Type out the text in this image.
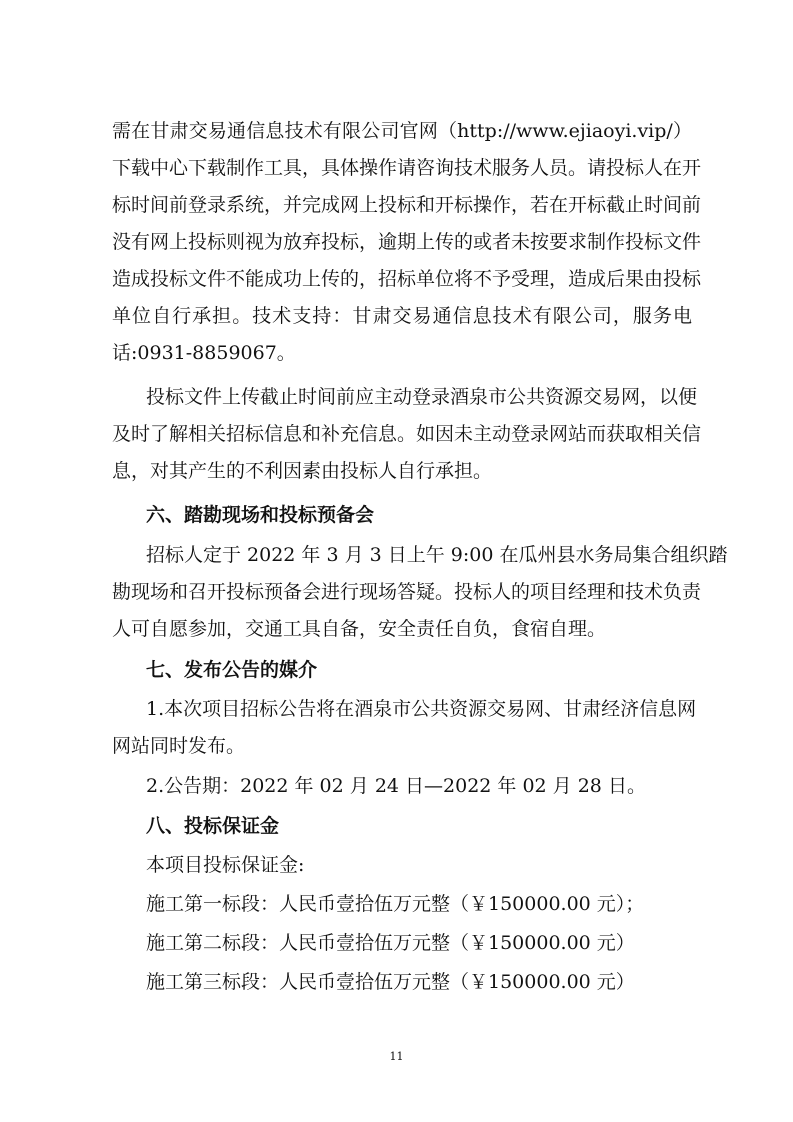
需在甘肃交易通信息技术有限公司官网（http://www.ejiaoyi.vip/）
下载中心下载制作工具，具体操作请咨询技术服务人员。请投标人在开
标时间前登录系统，并完成网上投标和开标操作，若在开标截止时间前
没有网上投标则视为放弃投标，逾期上传的或者未按要求制作投标文件
造成投标文件不能成功上传的，招标单位将不予受理，造成后果由投标
单位自行承担。技术支持：甘肃交易通信息技术有限公司，服务电
话:0931-8859067。
投标文件上传截止时间前应主动登录酒泉市公共资源交易网，以便
及时了解相关招标信息和补充信息。如因未主动登录网站而获取相关信
息，对其产生的不利因素由投标人自行承担。
六、踏勘现场和投标预备会
招标人定于 2022 年 3 月 3 日上午 9:00 在瓜州县水务局集合组织踏
勘现场和召开投标预备会进行现场答疑。投标人的项目经理和技术负责
人可自愿参加，交通工具自备，安全责任自负，食宿自理。
七、发布公告的媒介
1.本次项目招标公告将在酒泉市公共资源交易网、甘肃经济信息网
网站同时发布。
2.公告期：2022 年 02 月 24 日—2022 年 02 月 28 日。
八、投标保证金
本项目投标保证金:
施工第一标段：人民币壹拾伍万元整（￥150000.00 元）；
施工第二标段：人民币壹拾伍万元整（￥150000.00 元）
施工第三标段：人民币壹拾伍万元整（￥150000.00 元）
11
